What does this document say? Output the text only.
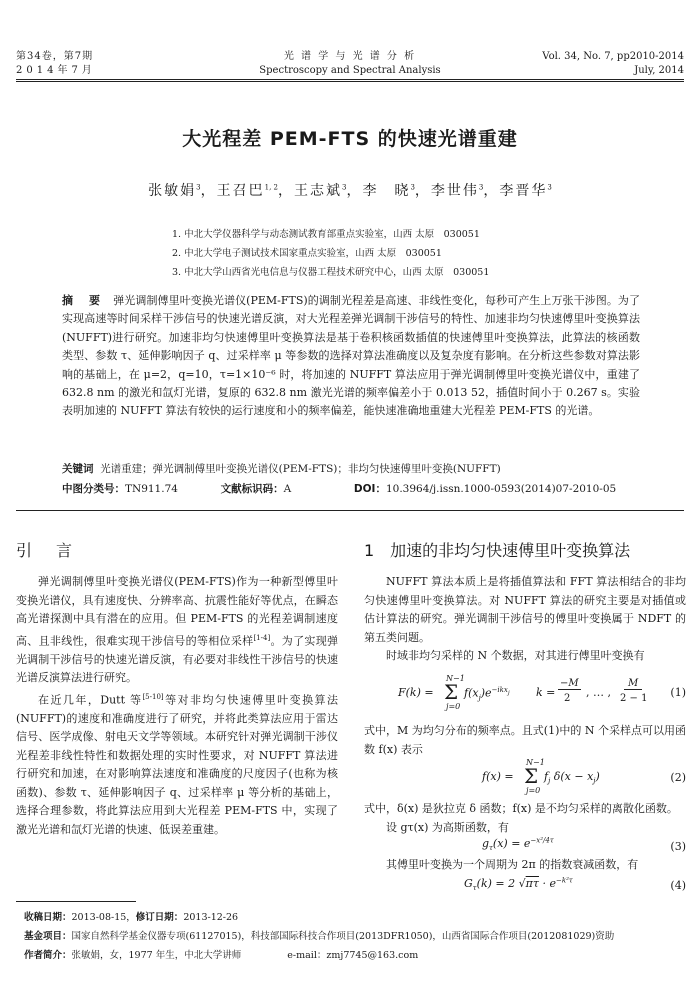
第34卷，第7期
2014年7月
光 谱 学 与 光 谱 分 析
Spectroscopy and Spectral Analysis
Vol. 34, No. 7, pp2010-2014
July, 2014
大光程差 PEM-FTS 的快速光谱重建
张敏娟$^3$，王召巴$^{1, 2}$，王志斌$^3$，李　晓$^3$，李世伟$^3$，李晋华$^3$
1. 中北大学仪器科学与动态测试教育部重点实验室，山西 太原　030051
2. 中北大学电子测试技术国家重点实验室，山西 太原　030051
3. 中北大学山西省光电信息与仪器工程技术研究中心，山西 太原　030051
摘 要 弹光调制傅里叶变换光谱仪(PEM-FTS)的调制光程差是高速、非线性变化，每秒可产生上万张干涉图。为了实现高速等时间采样干涉信号的快速光谱反演，对大光程差弹光调制干涉信号的特性、加速非均匀快速傅里叶变换算法(NUFFT)进行研究。加速非均匀快速傅里叶变换算法是基于卷积核函数插值的快速傅里叶变换算法，此算法的核函数类型、参数 τ、延伸影响因子 q、过采样率 μ 等参数的选择对算法准确度以及复杂度有影响。在分析这些参数对算法影响的基础上，在 μ=2，q=10，τ=1×10⁻⁶ 时，将加速的 NUFFT 算法应用于弹光调制傅里叶变换光谱仪中，重建了 632.8 nm 的激光和氙灯光谱，复原的 632.8 nm 激光光谱的频率偏差小于 0.013 52，插值时间小于 0.267 s。实验表明加速的 NUFFT 算法有较快的运行速度和小的频率偏差，能快速准确地重建大光程差 PEM-FTS 的光谱。
关键词 光谱重建；弹光调制傅里叶变换光谱仪(PEM-FTS)；非均匀快速傅里叶变换(NUFFT)
中图分类号：TN911.74	文献标识码：A	DOI：10.3964/j.issn.1000-0593(2014)07-2010-05
引　言

弹光调制傅里叶变换光谱仪(PEM-FTS)作为一种新型傅里叶变换光谱仪，具有速度快、分辨率高、抗震性能好等优点，在瞬态高光谱探测中具有潜在的应用。但 PEM-FTS 的光程差调制速度高、且非线性，很难实现干涉信号的等相位采样[1-4]。为了实现弹光调制干涉信号的快速光谱反演，有必要对非线性干涉信号的快速光谱反演算法进行研究。

在近几年，Dutt 等[5-10]等对非均匀快速傅里叶变换算法(NUFFT)的速度和准确度进行了研究，并将此类算法应用于雷达信号、医学成像、射电天文学等领域。本研究针对弹光调制干涉仪光程差非线性特性和数据处理的实时性要求，对 NUFFT 算法进行研究和加速，在对影响算法速度和准确度的尺度因子(也称为核函数)、参数 τ、延伸影响因子 q、过采样率 μ 等分析的基础上，选择合理参数，将此算法应用到大光程差 PEM-FTS 中，实现了激光光谱和氙灯光谱的快速、低误差重建。

1　加速的非均匀快速傅里叶变换算法

NUFFT 算法本质上是将插值算法和 FFT 算法相结合的非均匀快速傅里叶变换算法。对 NUFFT 算法的研究主要是对插值或估计算法的研究。弹光调制干涉信号的傅里叶变换属于 NDFT 的第五类问题。

时域非均匀采样的 N 个数据，对其进行傅里叶变换有

F(k) =
N−1
Σ
j=0
$f(x_j)e^{-ikx_j}$ k =
−M
2 , … ,
M
2 − 1 (1)

式中，M 为均匀分布的频率点。且式(1)中的 N 个采样点可以用函数 f(x) 表示

f(x) =
N−1
Σ
j=0
$f_j$ $\delta(x - x_j)$	(2)

式中，δ(x) 是狄拉克 δ 函数；f(x) 是不均匀采样的离散化函数。

设 gτ(x) 为高斯函数，有

$g_\tau(x) = e^{-x^2/4\tau}$	(3)

其傅里叶变换为一个周期为 2π 的指数衰减函数，有

$G_\tau(k) = 2$ $√\pi\tau \cdot e^{-k^2\tau}$	(4)
收稿日期：2013-08-15，修订日期：2013-12-26
基金项目：国家自然科学基金仪器专项(61127015)，科技部国际科技合作项目(2013DFR1050)，山西省国际合作项目(2012081029)资助
作者简介：张敏娟，女，1977 年生，中北大学讲师	e-mail：zmj7745@163.com
